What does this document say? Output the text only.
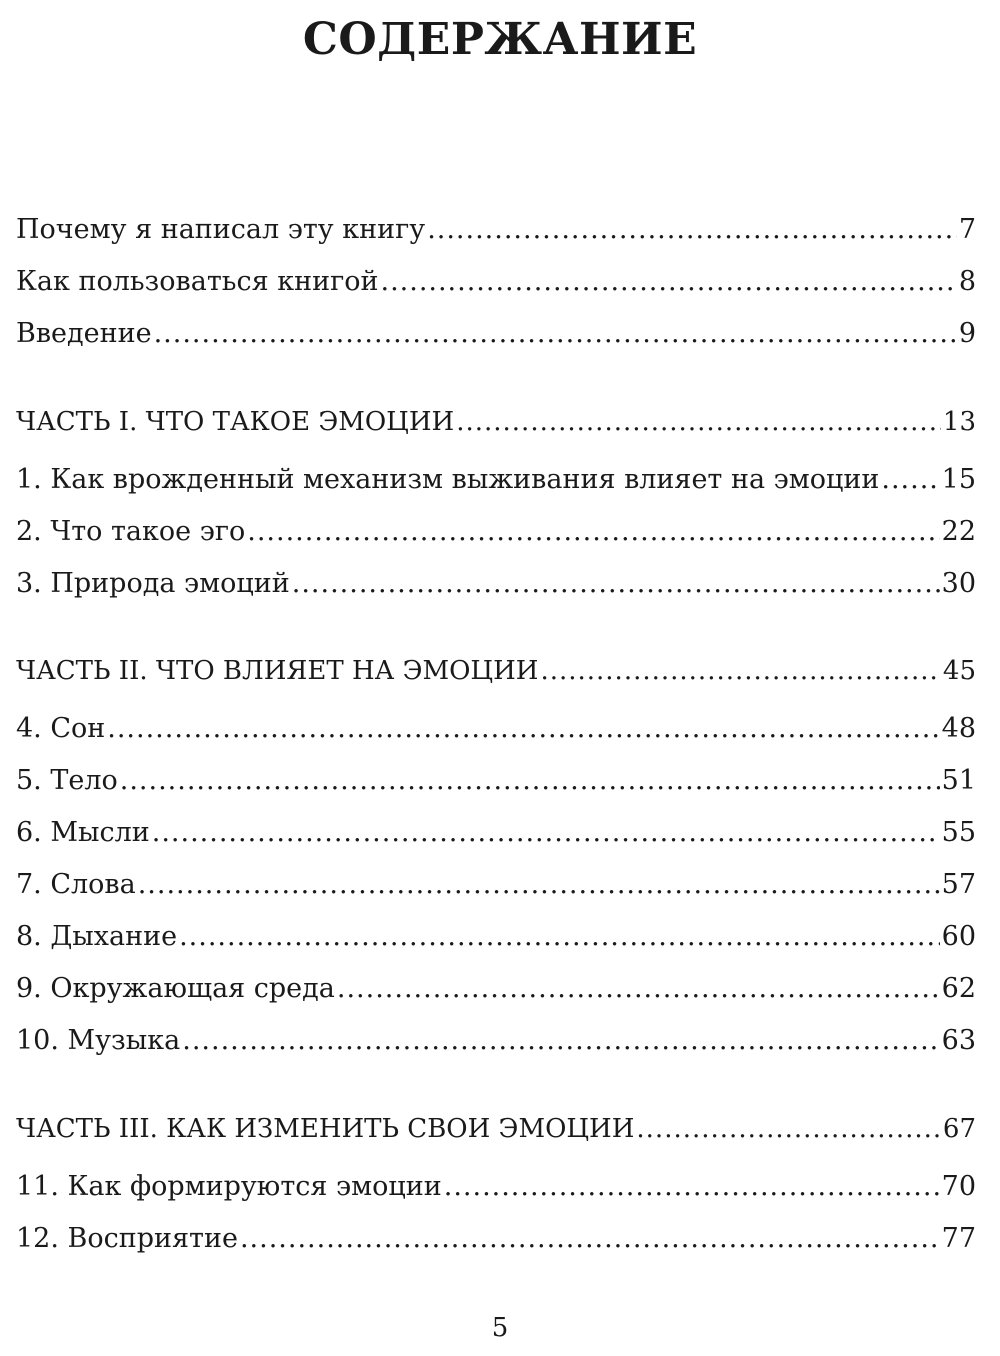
СОДЕРЖАНИЕ
Почему я написал эту книгу .....	7
Как пользоваться книгой .....	8
Введение .....	9
ЧАСТЬ I. ЧТО ТАКОЕ ЭМОЦИИ .....	13
1. Как врожденный механизм выживания влияет на эмоции ..... 15
2. Что такое эго .....	22
3. Природа эмоций .....	30
ЧАСТЬ II. ЧТО ВЛИЯЕТ НА ЭМОЦИИ .....	45
4. Сон .....	48
5. Тело .....	51
6. Мысли .....	55
7. Слова .....	57
8. Дыхание .....	60
9. Окружающая среда .....	62
10. Музыка .....	63
ЧАСТЬ III. КАК ИЗМЕНИТЬ СВОИ ЭМОЦИИ .....	67
11. Как формируются эмоции .....	70
12. Восприятие .....	77
5
